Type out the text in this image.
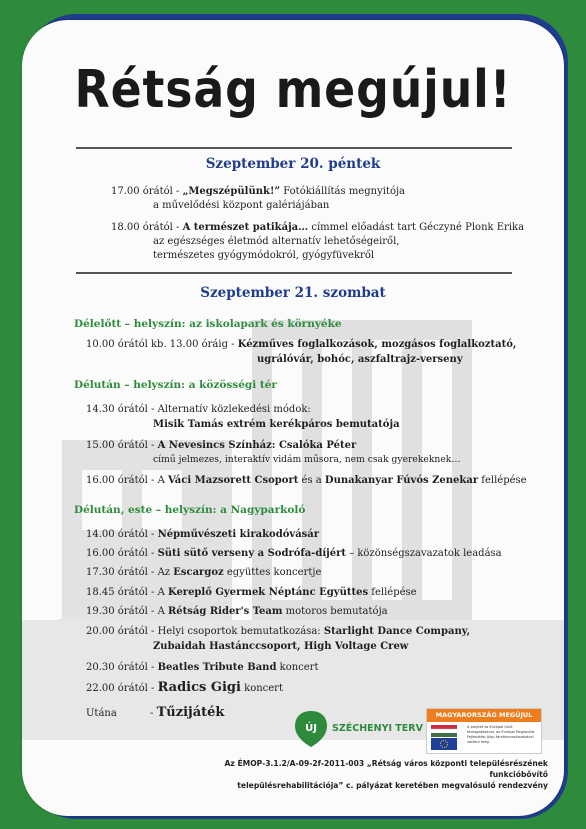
Rétság megújul!
Szeptember 20. péntek
17.00 órától - „Megszépülünk!” Fotókiállítás megnyitója
a művelődési központ galériájában
18.00 órától - A természet patikája… címmel előadást tart Géczyné Plonk Erika
az egészséges életmód alternatív lehetőségeiről,
természetes gyógymódokról, gyógyfüvekről
Szeptember 21. szombat
Délelőtt – helyszín: az iskolapark és környéke
10.00 órától kb. 13.00 óráig - Kézműves foglalkozások, mozgásos foglalkoztató,
ugrálóvár, bohóc, aszfaltrajz-verseny
Délután – helyszín: a közösségi tér
14.30 órától - Alternatív közlekedési módok:
Misik Tamás extrém kerékpáros bemutatója
15.00 órától - A Nevesincs Színház: Csalóka Péter
című jelmezes, interaktív vidám műsora, nem csak gyerekeknek…
16.00 órától - A Váci Mazsorett Csoport és a Dunakanyar Fúvós Zenekar fellépése
Délután, este – helyszín: a Nagyparkoló
14.00 órától - Népművészeti kirakodóvásár
16.00 órától - Süti sütő verseny a Sodrófa-díjért – közönségszavazatok leadása
17.30 órától - Az Escargoz együttes koncertje
18.45 órától - A Kereplő Gyermek Néptánc Együttes fellépése
19.30 órától - A Rétság Rider's Team motoros bemutatója
20.00 órától - Helyi csoportok bemutatkozása: Starlight Dance Company,
Zubaidah Hastánccsoport, High Voltage Crew
20.30 órától - Beatles Tribute Band koncert
22.00 órától - Radics Gigi koncert
Utána	- Tűzijáték
ÚJ SZÉCHENYI TERV
MAGYARORSZÁG MEGÚJUL
A projekt az Európai Unió támogatásával, az Európai Regionális Fejlesztési Alap társfinanszírozásával valósul meg.
Az ÉMOP-3.1.2/A-09-2f-2011-003 „Rétság város központi településrészének funkcióbővítő
településrehabilitációja” c. pályázat keretében megvalósuló rendezvény
